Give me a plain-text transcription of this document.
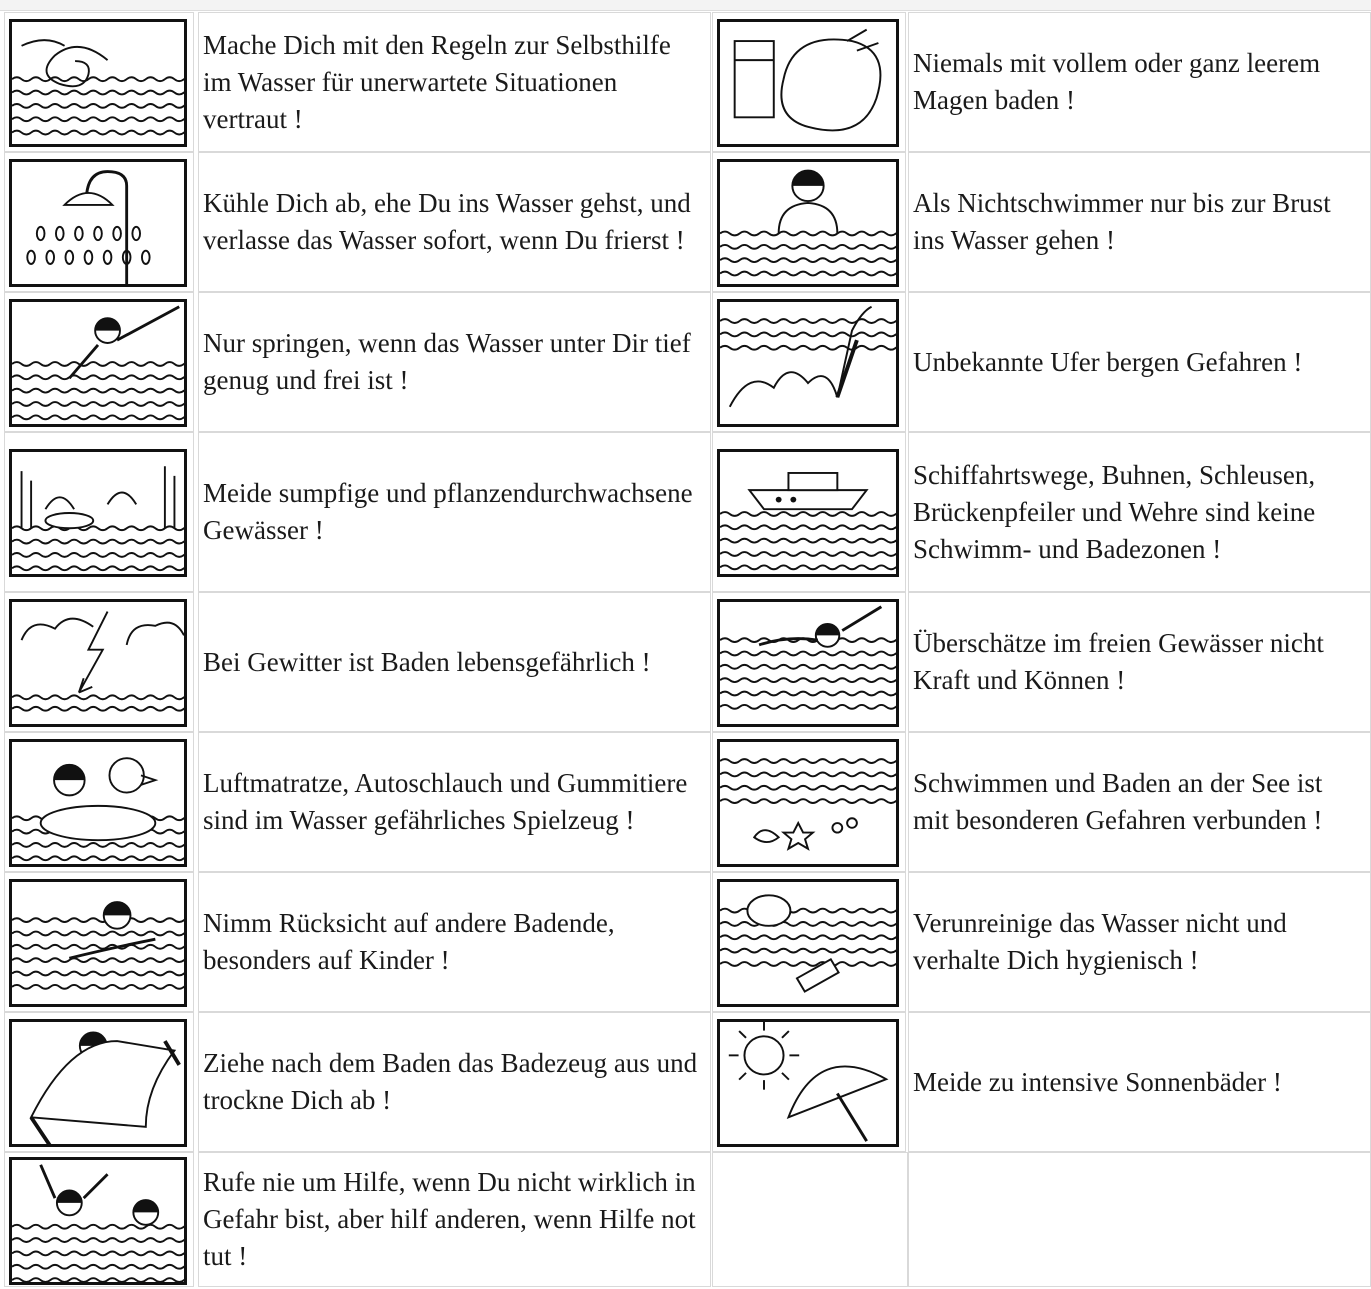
Mache Dich mit den Regeln zur Selbsthilfe im Wasser für unerwartete Situationen vertraut !
Kühle Dich ab, ehe Du ins Wasser gehst, und verlasse das Wasser sofort, wenn Du frierst !
Nur springen, wenn das Wasser unter Dir tief genug und frei ist !
Meide sumpfige und pflanzendurchwachsene Gewässer !
Bei Gewitter ist Baden lebensgefährlich !
Luftmatratze, Autoschlauch und Gummitiere sind im Wasser gefährliches Spielzeug !
Nimm Rücksicht auf andere Badende, besonders auf Kinder !
Ziehe nach dem Baden das Badezeug aus und trockne Dich ab !
Rufe nie um Hilfe, wenn Du nicht wirklich in Gefahr bist, aber hilf anderen, wenn Hilfe not tut !
Niemals mit vollem oder ganz leerem Magen baden !
Als Nichtschwimmer nur bis zur Brust ins Wasser gehen !
Unbekannte Ufer bergen Gefahren !
Schiffahrtswege, Buhnen, Schleusen, Brückenpfeiler und Wehre sind keine Schwimm- und Badezonen !
Überschätze im freien Gewässer nicht Kraft und Können !
Schwimmen und Baden an der See ist mit besonderen Gefahren verbunden !
Verunreinige das Wasser nicht und verhalte Dich hygienisch !
Meide zu intensive Sonnenbäder !
